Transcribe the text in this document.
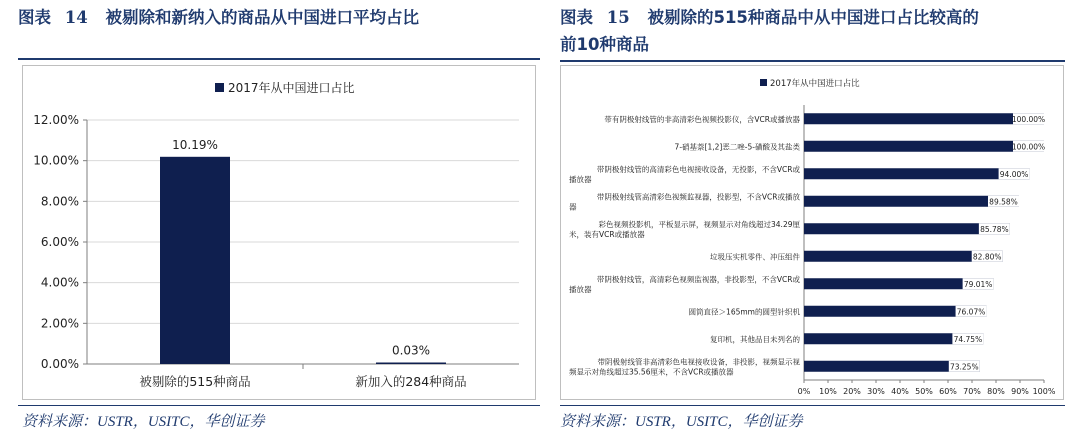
图表 14 被剔除和新纳入的商品从中国进口平均占比	图表 15 被剔除的515种商品中从中国进口占比较高的
前10种商品
2017年从中国进口占比
0.00%
2.00%
4.00%
6.00%
8.00%
10.00%
12.00%
10.19%
被剔除的515种商品
0.03%
新加入的284种商品
2017年从中国进口占比
0% 10% 20% 30% 40% 50% 60% 70% 80% 90% 100%
100.00%
带有阴极射线管的非高清彩色视频投影仪，含VCR或播放器
100.00%
7-硝基萘[1,2]恶二唑-5-磺酸及其盐类
94.00%
带阴极射线管的高清彩色电视接收设备，无投影，不含VCR或
播放器
89.58%
带阴极射线管高清彩色视频监视器，投影型，不含VCR或播放
器
85.78%
彩色视频投影机，平板显示屏，视频显示对角线超过34.29厘
米，装有VCR或播放器
82.80%
垃圾压实机零件、冲压组件
79.01%
带阴极射线管，高清彩色视频监视器，非投影型，不含VCR或
播放器
76.07%
圆筒直径＞165mm的圆型针织机
74.75%
复印机，其他品目未列名的
73.25%
带阴极射线管非高清彩色电视接收设备，非投影，视频显示视
频显示对角线超过35.56厘米，不含VCR或播放器
资料来源：USTR，USITC，华创证券	资料来源：USTR，USITC，华创证券
